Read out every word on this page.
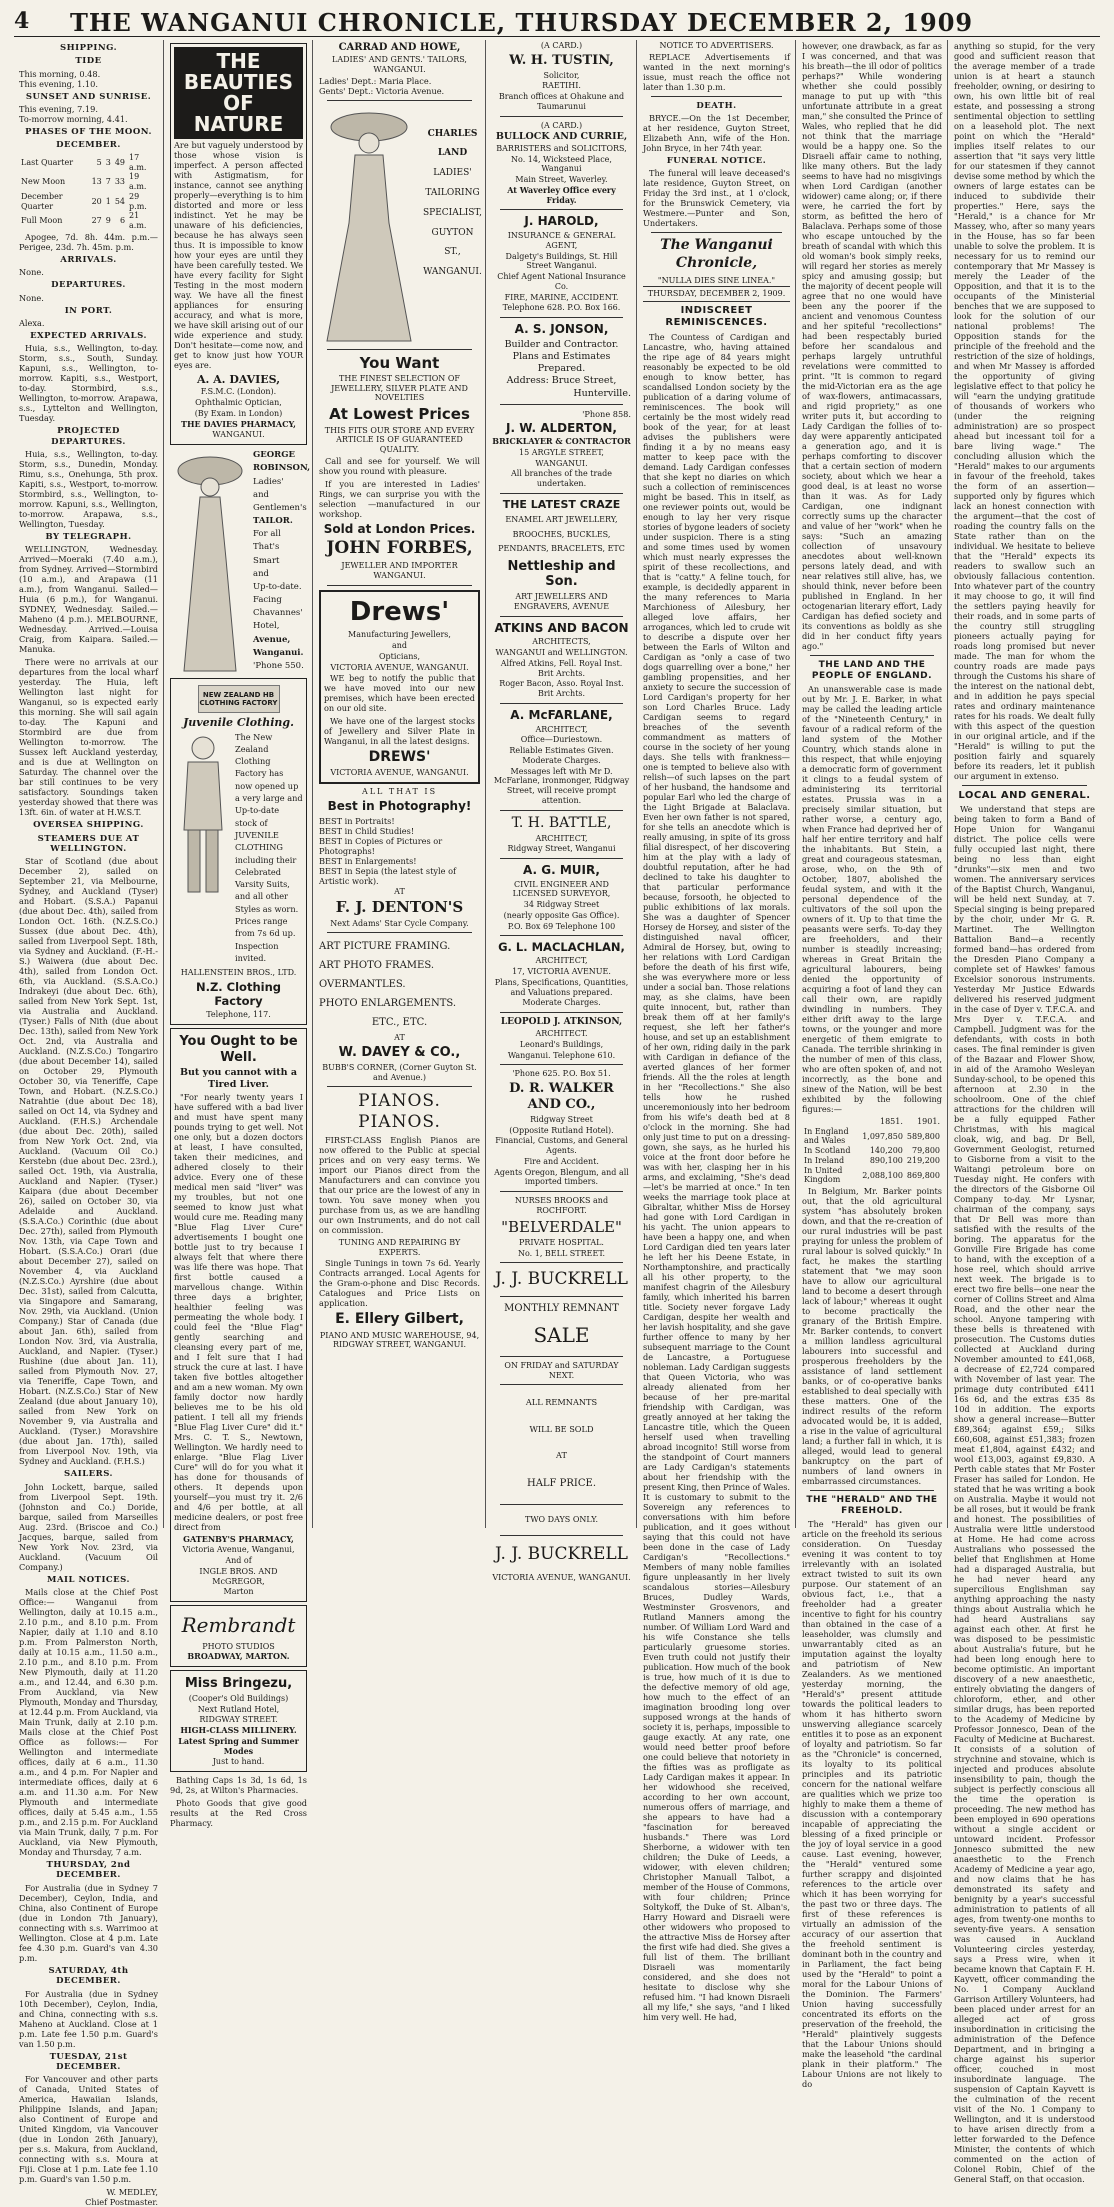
4 THE WANGANUI CHRONICLE, THURSDAY DECEMBER 2, 1909
SHIPPING.
TIDE
This morning, 0.48.
This evening, 1.10.
SUNSET AND SUNRISE.
This evening, 7.19.
To-morrow morning, 4.41.
PHASES OF THE MOON.
DECEMBER.
Last Quarter	5	3	49	17 a.m.
New Moon	13	7	33	19 a.m.
December Quarter	20	1	54	29 p.m.
Full Moon	27	9	6	21 a.m.
Apogee, 7d. 8h. 44m. p.m.—Perigee, 23d. 7h. 45m. p.m.
ARRIVALS.
None.
DEPARTURES.
None.
IN PORT.
Alexa.
EXPECTED ARRIVALS.
Huia, s.s., Wellington, to-day. Storm, s.s., South, Sunday. Kapuni, s.s., Wellington, to-morrow. Kapiti, s.s., Westport, to-day. Stormbird, s.s., Wellington, to-morrow. Arapawa, s.s., Lyttelton and Wellington, Tuesday.
PROJECTED DEPARTURES.
Huia, s.s., Wellington, to-day. Storm, s.s., Dunedin, Monday. Rimu, s.s., Onehunga, 5th prox. Kapiti, s.s., Westport, to-morrow. Stormbird, s.s., Wellington, to-morrow. Kapuni, s.s., Wellington, to-morrow. Arapawa, s.s., Wellington, Tuesday.
BY TELEGRAPH.
WELLINGTON, Wednesday. Arrived—Moeraki (7.40 a.m.), from Sydney. Arrived—Stormbird (10 a.m.), and Arapawa (11 a.m.), from Wanganui. Sailed—Huia (6 p.m.), for Wanganui. SYDNEY, Wednesday. Sailed.—Maheno (4 p.m.). MELBOURNE, Wednesday. Arrived.—Louisa Craig, from Kaipara. Sailed.—Manuka.
There were no arrivals at our departures from the local wharf yesterday. The Huia, left Wellington last night for Wanganui, so is expected early this morning. She will sail again to-day. The Kapuni and Stormbird are due from Wellington to-morrow. The Sussex left Auckland yesterday, and is due at Wellington on Saturday. The channel over the bar still continues to be very satisfactory. Soundings taken yesterday showed that there was 13ft. 6in. of water at H.W.S.T.
OVERSEA SHIPPING.
STEAMERS DUE AT WELLINGTON.
Star of Scotland (due about December 2), sailed on September 21, via Melbourne, Sydney, and Auckland (Tyser) and Hobart. (S.S.A.) Papanui (due about Dec. 4th), sailed from London Oct. 16th. (N.Z.S.Co.) Sussex (due about Dec. 4th), sailed from Liverpool Sept. 18th, via Sydney and Auckland. (F.-H.-S.) Waiwera (due about Dec. 4th), sailed from London Oct. 6th, via Auckland. (S.S.A.Co.) Indrakeyi (due about Dec. 6th), sailed from New York Sept. 1st, via Australia and Auckland. (Tyser.) Falls of Nith (due about Dec. 13th), sailed from New York Oct. 2nd, via Australia and Auckland. (N.Z.S.Co.) Tongariro (due about December 14), sailed on October 29, Plymouth October 30, via Teneriffe, Cape Town, and Hobart. (N.Z.S.Co.) Natrahtie (due about Dec 18), sailed on Oct 14, via Sydney and Auckland. (F.H.S.) Archendale (due about Dec. 20th), sailed from New York Oct. 2nd, via Auckland. (Vacuum Oil Co.) Kerstebn (due about Dec. 23rd.), sailed Oct. 19th, via Australia, Auckland and Napier. (Tyser.) Kaipara (due about December 26), sailed on October 30, via Adelaide and Auckland. (S.S.A.Co.) Corinthic (due about Dec. 27th), sailed from Plymouth Nov. 13th, via Cape Town and Hobart. (S.S.A.Co.) Orari (due about December 27), sailed on November 4, via Auckland (N.Z.S.Co.) Ayrshire (due about Dec. 31st), sailed from Calcutta, via Singapore and Samarang, Nov. 29th, via Auckland. (Union Company.) Star of Canada (due about Jan. 6th), sailed from London Nov. 3rd, via Australia, Auckland, and Napier. (Tyser.) Rushine (due about Jan. 11), sailed from Plymouth Nov. 27, via Teneriffe, Cape Town, and Hobart. (N.Z.S.Co.) Star of New Zealand (due about January 10), sailed from New York on November 9, via Australia and Auckland. (Tyser.) Moravshire (due about Jan. 17th), sailed from Liverpool Nov. 19th, via Sydney and Auckland. (F.H.S.)
SAILERS.
John Lockett, barque, sailed from Liverpool Sept. 19th. (Johnston and Co.) Doride, barque, sailed from Marseilles Aug. 23rd. (Briscoe and Co.) Jacques, barque, sailed from New York Nov. 23rd, via Auckland. (Vacuum Oil Company.)
MAIL NOTICES.
Mails close at the Chief Post Office:— Wanganui from Wellington, daily at 10.15 a.m., 2.10 p.m., and 8.10 p.m. From Napier, daily at 1.10 and 8.10 p.m. From Palmerston North, daily at 10.15 a.m., 11.50 a.m., 2.10 p.m., and 8.10 p.m. From New Plymouth, daily at 11.20 a.m., and 12.44, and 6.30 p.m. From Auckland, via New Plymouth, Monday and Thursday, at 12.44 p.m. From Auckland, via Main Trunk, daily at 2.10 p.m. Mails close at the Chief Post Office as follows:— For Wellington and intermediate offices, daily at 6 a.m., 11.30 a.m., and 4 p.m. For Napier and intermediate offices, daily at 6 a.m. and 11.30 a.m. For New Plymouth and intermediate offices, daily at 5.45 a.m., 1.55 p.m., and 2.15 p.m. For Auckland via Main Trunk, daily, 7 p.m. For Auckland, via New Plymouth, Monday and Thursday, 7 a.m.
THURSDAY, 2nd DECEMBER.
For Australia (due in Sydney 7 December), Ceylon, India, and China, also Continent of Europe (due in London 7th January), connecting with s.s. Warrimoo at Wellington. Close at 4 p.m. Late fee 4.30 p.m. Guard's van 4.30 p.m.
SATURDAY, 4th DECEMBER.
For Australia (due in Sydney 10th December), Ceylon, India, and China, connecting with s.s. Maheno at Auckland. Close at 1 p.m. Late fee 1.50 p.m. Guard's van 1.50 p.m.
TUESDAY, 21st DECEMBER.
For Vancouver and other parts of Canada, United States of America, Hawaiian Islands, Philippine Islands, and Japan; also Continent of Europe and United Kingdom, via Vancouver (due in London 26th January), per s.s. Makura, from Auckland, connecting with s.s. Moura at Fiji. Close at 1 p.m. Late fee 1.10 p.m. Guard's van 1.50 p.m.
W. MEDLEY,
Chief Postmaster.
THE BEAUTIES
OF NATURE
Are but vaguely understood by those whose vision is imperfect. A person affected with Astigmatism, for instance, cannot see anything properly—everything is to him distorted and more or less indistinct. Yet he may be unaware of his deficiencies, because he has always seen thus. It is impossible to know how your eyes are until they have been carefully tested. We have every facility for Sight Testing in the most modern way. We have all the finest appliances for ensuring accuracy, and what is more, we have skill arising out of our wide experience and study. Don't hesitate—come now, and get to know just how YOUR eyes are.
A. A. DAVIES,
F.S.M.C. (London).
Ophthalmic Optician,
(By Exam. in London)
THE DAVIES PHARMACY,
WANGANUI.
GEORGE
ROBINSON,
Ladies'
and
Gentlemen's
TAILOR.
For all
That's
Smart
and
Up-to-date.
Facing
Chavannes'
Hotel,
Avenue,
Wanganui.
'Phone 550.
NEW ZEALAND HB CLOTHING FACTORY
Juvenile Clothing.
The New Zealand Clothing Factory has now opened up a very large and Up-to-date stock of JUVENILE CLOTHING including their Celebrated Varsity Suits, and all other Styles as worn. Prices range from 7s 6d up. Inspection invited.
HALLENSTEIN BROS., LTD.
N.Z. Clothing Factory
Telephone, 117.
You Ought to be Well.
But you cannot with a Tired Liver.
"For nearly twenty years I have suffered with a bad liver and must have spent many pounds trying to get well. Not one only, but a dozen doctors at least, I have consulted, taken their medicines, and adhered closely to their advice. Every one of these medical men said "liver" was my troubles, but not one seemed to know just what would cure me. Reading many "Blue Flag Liver Cure" advertisements I bought one bottle just to try because I always felt that where there was life there was hope. That first bottle caused a marvellous change. Within three days a brighter, healthier feeling was permeating the whole body. I could feel the "Blue Flag" gently searching and cleansing every part of me, and I felt sure that I had struck the cure at last. I have taken five bottles altogether and am a new woman. My own family doctor now hardly believes me to be his old patient. I tell all my friends "Blue Flag Liver Cure" did it." Mrs. C. T. S., Newtown, Wellington. We hardly need to enlarge. "Blue Flag Liver Cure" will do for you what it has done for thousands of others. It depends upon yourself—you must try it. 2/6 and 4/6 per bottle, at all medicine dealers, or post free direct from
GATENBY'S PHARMACY,
Victoria Avenue, Wanganui,
And of
INGLE BROS. AND McGREGOR,
Marton
Rembrandt
PHOTO STUDIOS
BROADWAY, MARTON.
Miss Bringezu,
(Cooper's Old Buildings)
Next Rutland Hotel,
RIDGWAY STREET.
HIGH-CLASS MILLINERY.
Latest Spring and Summer Modes
Just to hand.
Bathing Caps 1s 3d, 1s 6d, 1s 9d, 2s, at Wilton's Pharmacies.
Photo Goods that give good results at the Red Cross Pharmacy.
CARRAD AND HOWE,
LADIES' AND GENTS.' TAILORS, WANGANUI.
Ladies' Dept.: Maria Place.
Gents' Dept.: Victoria Avenue.
CHARLES
LAND
LADIES'
TAILORING
SPECIALIST,
GUYTON ST.,
WANGANUI.
You Want
THE FINEST SELECTION OF JEWELLERY, SILVER PLATE AND NOVELTIES
At Lowest Prices
THIS FITS OUR STORE AND EVERY ARTICLE IS OF GUARANTEED QUALITY.
Call and see for yourself. We will show you round with pleasure.
If you are interested in Ladies' Rings, we can surprise you with the selection —manufactured in our workshop.
Sold at London Prices.
JOHN FORBES,
JEWELLER AND IMPORTER WANGANUI.
Drews'
Manufacturing Jewellers,
and
Opticians,
VICTORIA AVENUE, WANGANUI.
WE beg to notify the public that we have moved into our new premises, which have been erected on our old site.
We have one of the largest stocks of Jewellery and Silver Plate in Wanganui, in all the latest designs.
DREWS'
VICTORIA AVENUE, WANGANUI.
ALL THAT IS
Best in Photography!
BEST in Portraits!
BEST in Child Studies!
BEST in Copies of Pictures or Photographs!
BEST in Enlargements!
BEST in Sepia (the latest style of Artistic work).
AT
F. J. DENTON'S
Next Adams' Star Cycle Company.
ART PICTURE FRAMING.
ART PHOTO FRAMES.
OVERMANTLES.
PHOTO ENLARGEMENTS.
ETC., ETC.
AT
W. DAVEY & CO.,
BUBB'S CORNER, (Corner Guyton St. and Avenue.)
PIANOS. PIANOS.
FIRST-CLASS English Pianos are now offered to the Public at special prices and on very easy terms. We import our Pianos direct from the Manufacturers and can convince you that our price are the lowest of any in town. You save money when you purchase from us, as we are handling our own Instruments, and do not call on commission.
TUNING AND REPAIRING BY EXPERTS.
Single Tunings in town 7s 6d. Yearly Contracts arranged. Local Agents for the Gram-o-phone and Disc Records. Catalogues and Price Lists on application.
E. Ellery Gilbert,
PIANO AND MUSIC WAREHOUSE, 94, RIDGWAY STREET, WANGANUI.
(A CARD.)
W. H. TUSTIN,
Solicitor,
RAETIHI.
Branch offices at Ohakune and Taumarunui
(A CARD.)
BULLOCK AND CURRIE,
BARRISTERS and SOLICITORS,
No. 14, Wicksteed Place, Wanganui
Main Street, Waverley.
At Waverley Office every Friday.
J. HAROLD,
INSURANCE & GENERAL AGENT,
Dalgety's Buildings, St. Hill Street Wanganui.
Chief Agent National Insurance Co.
FIRE, MARINE, ACCIDENT.
Telephone 628. P.O. Box 166.
A. S. JONSON,
Builder and Contractor.
Plans and Estimates Prepared.
Address: Bruce Street,
Hunterville.
'Phone 858.
J. W. ALDERTON,
BRICKLAYER & CONTRACTOR
15 ARGYLE STREET,
WANGANUI.
All branches of the trade undertaken.
THE LATEST CRAZE
ENAMEL ART JEWELLERY, BROOCHES, BUCKLES, PENDANTS, BRACELETS, ETC
Nettleship and Son.
ART JEWELLERS AND ENGRAVERS, AVENUE
ATKINS AND BACON
ARCHITECTS,
WANGANUI and WELLINGTON.
Alfred Atkins, Fell. Royal Inst. Brit Archts.
Roger Bacon, Asso. Royal Inst. Brit Archts.
A. McFARLANE,
ARCHITECT,
Office—Duriestown.
Reliable Estimates Given. Moderate Charges.
Messages left with Mr D. McFarlane, ironmonger, Ridgway Street, will receive prompt attention.
T. H. BATTLE,
ARCHITECT,
Ridgway Street, Wanganui
A. G. MUIR,
CIVIL ENGINEER AND LICENSED SURVEYOR,
34 Ridgway Street
(nearly opposite Gas Office).
P.O. Box 69 Telephone 100
G. L. MACLACHLAN,
ARCHITECT,
17, VICTORIA AVENUE.
Plans, Specifications, Quantities, and Valuations prepared.
Moderate Charges.
LEOPOLD J. ATKINSON,
ARCHITECT.
Leonard's Buildings,
Wanganui. Telephone 610.
'Phone 625. P.O. Box 51.
D. R. WALKER AND CO.,
Ridgway Street
(Opposite Rutland Hotel).
Financial, Customs, and General Agents.
Fire and Accident.
Agents Oregon, Blengum, and all imported timbers.
NURSES BROOKS and ROCHFORT.
"BELVERDALE"
PRIVATE HOSPITAL.
No. 1, BELL STREET.
J. J. BUCKRELL
MONTHLY REMNANT
SALE
ON FRIDAY and SATURDAY NEXT.
ALL REMNANTS
WILL BE SOLD
AT
HALF PRICE.
TWO DAYS ONLY.
J. J. BUCKRELL
VICTORIA AVENUE, WANGANUI.
NOTICE TO ADVERTISERS.
REPLACE Advertisements if wanted in the next morning's issue, must reach the office not later than 1.30 p.m.
DEATH.
BRYCE.—On the 1st December, at her residence, Guyton Street, Elizabeth Ann, wife of the Hon. John Bryce, in her 74th year.
FUNERAL NOTICE.
The funeral will leave deceased's late residence, Guyton Street, on Friday the 3rd inst., at 1 o'clock, for the Brunswick Cemetery, via Westmere.—Punter and Son, Undertakers.
The Wanganui Chronicle,
"NULLA DIES SINE LINEA."
THURSDAY, DECEMBER 2, 1909.
INDISCREET REMINISCENCES.
The Countess of Cardigan and Lancastre, who, having attained the ripe age of 84 years might reasonably be expected to be old enough to know better, has scandalised London society by the publication of a daring volume of reminiscences. The book will certainly be the most widely read book of the year, for at least advises the publishers were finding it a by no means easy matter to keep pace with the demand. Lady Cardigan confesses that she kept no diaries on which such a collection of reminiscences might be based. This in itself, as one reviewer points out, would be enough to lay her very risque stories of bygone leaders of society under suspicion. There is a sting and some times used by women which must nearly expresses the spirit of these recollections, and that is "catty." A feline touch, for example, is decidedly apparent in the many references to Maria Marchioness of Ailesbury, her alleged love affairs, her arrogances, which led to crude wit to describe a dispute over her between the Earls of Wilton and Cardigan as "only a case of two dogs quarrelling over a bone," her gambling propensities, and her anxiety to secure the succession of Lord Cardigan's property for her son Lord Charles Bruce. Lady Cardigan seems to regard breaches of the seventh commandment as matters of course in the society of her young days. She tells with frankness—one is tempted to believe also with relish—of such lapses on the part of her husband, the handsome and popular Earl who led the charge of the Light Brigade at Balaclava. Even her own father is not spared, for she tells an anecdote which is really amusing, in spite of its gross filial disrespect, of her discovering him at the play with a lady of doubtful reputation, after he had declined to take his daughter to that particular performance because, forsooth, he objected to public exhibitions of lax morals. She was a daughter of Spencer Horsey de Horsey, and sister of the distinguished naval officer, Admiral de Horsey, but, owing to her relations with Lord Cardigan before the death of his first wife, she was everywhere more or less under a social ban. Those relations may, as she claims, have been quite innocent, but, rather than break them off at her family's request, she left her father's house, and set up an establishment of her own, riding daily in the park with Cardigan in defiance of the averted glances of her former friends. All the the roles at length in her "Recollections." She also tells how he rushed unceremoniously into her bedroom from his wife's death bed at 8 o'clock in the morning. She had only just time to put on a dressing-gown, she says, as he hurled his voice at the front door before he was with her, clasping her in his arms, and exclaiming, "She's dead—let's be married at once." In ten weeks the marriage took place at Gibraltar, whither Miss de Horsey had gone with Lord Cardigan in his yacht. The union appears to have been a happy one, and when Lord Cardigan died ten years later he left her his Deene Estate, in Northamptonshire, and practically all his other property, to the manifest chagrin of the Ailesbury family, which inherited his barren title. Society never forgave Lady Cardigan, despite her wealth and her lavish hospitality, and she gave further offence to many by her subsequent marriage to the Count de Lancastre, a Portuguese nobleman. Lady Cardigan suggests that Queen Victoria, who was already alienated from her because of her pre-marital friendship with Cardigan, was greatly annoyed at her taking the Lancastre title, which the Queen herself used when travelling abroad incognito! Still worse from the standpoint of Court manners are Lady Cardigan's statements about her friendship with the present King, then Prince of Wales. It is customary to submit to the Sovereign any references to conversations with him before publication, and it goes without saying that this could not have been done in the case of Lady Cardigan's "Recollections." Members of many noble families figure unpleasantly in her lively scandalous stories—Ailesbury Bruces, Dudley Wards, Westminster Grosvenors, and Rutland Manners among the number. Of William Lord Ward and his wife Constance she tells particularly gruesome stories. Even truth could not justify their publication. How much of the book is true, how much of it is due to the defective memory of old age, how much to the effect of an imagination brooding long over supposed wrongs at the hands of society it is, perhaps, impossible to gauge exactly. At any rate, one would need better proof before one could believe that notoriety in the fifties was as profligate as Lady Cardigan makes it appear. In her widowhood she received, according to her own account, numerous offers of marriage, and she appears to have had a "fascination for bereaved husbands." There was Lord Sherborne, a widower with ten children; the Duke of Leeds, a widower, with eleven children; Christopher Manuall Talbot, a member of the House of Commons, with four children; Prince Soltykoff, the Duke of St. Alban's, Harry Howard and Disraeli were other widowers who proposed to the attractive Miss de Horsey after the first wife had died. She gives a full list of them. The brilliant Disraeli was momentarily considered, and she does not hesitate to disclose why she refused him. "I had known Disraeli all my life," she says, "and I liked him very well. He had,
however, one drawback, as far as I was concerned, and that was his breath—the ill odor of politics perhaps?" While wondering whether she could possibly manage to put up with "this unfortunate attribute in a great man," she consulted the Prince of Wales, who replied that he did not think that the marriage would be a happy one. So the Disraeli affair came to nothing, like many others. But the lady seems to have had no misgivings when Lord Cardigan (another widower) came along; or, if there were, he carried the fort by storm, as befitted the hero of Balaclava. Perhaps some of those who escape untouched by the breath of scandal with which this old woman's book simply reeks, will regard her stories as merely spicy and amusing gossip; but the majority of decent people will agree that no one would have been any the poorer if the ancient and venomous Countess and her spiteful "recollections" had been respectably buried before her scandalous and perhaps largely untruthful revelations were committed to print. "It is common to regard the mid-Victorian era as the age of wax-flowers, antimacassars, and rigid propriety," as one writer puts it, but according to Lady Cardigan the follies of to-day were apparently anticipated a generation ago, and it is perhaps comforting to discover that a certain section of modern society, about which we hear a good deal, is at least no worse than it was. As for Lady Cardigan, one indignant correctly sums up the character and value of her "work" when he says: "Such an amazing collection of unsavoury anecdotes about well-known persons lately dead, and with near relatives still alive, has, we should think, never before been published in England. In her octogenarian literary effort, Lady Cardigan has defied society and its conventions as boldly as she did in her conduct fifty years ago."
THE LAND AND THE PEOPLE OF ENGLAND.
An unanswerable case is made out by Mr. J. E. Barker, in what may be called the leading article of the "Nineteenth Century," in favour of a radical reform of the land system of the Mother Country, which stands alone in this respect, that while enjoying a democratic form of government it clings to a feudal system of administering its territorial estates. Prussia was in a precisely similar situation, but rather worse, a century ago, when France had deprived her of half her entire territory and half the inhabitants. But Stein, a great and courageous statesman, arose, who, on the 9th of October, 1807, abolished the feudal system, and with it the personal dependence of the cultivators of the soil upon the owners of it. Up to that time the peasants were serfs. To-day they are freeholders, and their number is steadily increasing; whereas in Great Britain the agricultural labourers, being denied the opportunity of acquiring a foot of land they can call their own, are rapidly dwindling in numbers. They either drift away to the large towns, or the younger and more energetic of them emigrate to Canada. The terrible shrinking in the number of men of this class, who are often spoken of, and not incorrectly, as the bone and sinew of the Nation, will be best exhibited by the following figures:—
	1851.	1901.
In England and Wales	1,097,850	589,800
In Scotland	140,200	79,800
In Ireland	890,100	219,200
In United Kingdom	2,088,100	869,800
In Belgium, Mr. Barker points out, that the old agricultural system "has absolutely broken down, and that the re-creation of our rural industries will be past praying for unless the problem of rural labour is solved quickly." In fact, he makes the startling statement that "we may soon have to allow our agricultural land to become a desert through lack of labour;" whereas it ought to become practically the granary of the British Empire. Mr. Barker contends, to convert a million landless agricultural labourers into successful and prosperous freeholders by the assistance of land settlement banks, or of co-operative banks established to deal specially with these matters. One of the indirect results of the reform advocated would be, it is added, a rise in the value of agricultural land; a further fall in which, it is alleged, would lead to general bankruptcy on the part of numbers of land owners in embarrassed circumstances.
THE "HERALD" AND THE FREEHOLD.
The "Herald" has given our article on the freehold its serious consideration. On Tuesday evening it was content to toy irrelevantly with an isolated extract twisted to suit its own purpose. Our statement of an obvious fact, i.e., that a freeholder had a greater incentive to fight for his country than obtained in the case of a leaseholder, was clumsily and unwarrantably cited as an imputation against the loyalty and patriotism of New Zealanders. As we mentioned yesterday morning, the "Herald's" present attitude towards the political leaders to whom it has hitherto sworn unswerving allegiance scarcely entitles it to pose as an exponent of loyalty and patriotism. So far as the "Chronicle" is concerned, its loyalty to its political principles and its patriotic concern for the national welfare are qualities which we prize too highly to make them a theme of discussion with a contemporary incapable of appreciating the blessing of a fixed principle or the joy of loyal service in a good cause. Last evening, however, the "Herald" ventured some further scrappy and disjointed references to the article over which it has been worrying for the past two or three days. The first of these references is virtually an admission of the accuracy of our assertion that the freehold sentiment is dominant both in the country and in Parliament, the fact being used by the "Herald" to point a moral for the Labour Unions of the Dominion. The Farmers' Union having successfully concentrated its efforts on the preservation of the freehold, the "Herald" plaintively suggests that the Labour Unions should make the leasehold "the cardinal plank in their platform." The Labour Unions are not likely to do
anything so stupid, for the very good and sufficient reason that the average member of a trade union is at heart a staunch freeholder, owning, or desiring to own, his own little bit of real estate, and possessing a strong sentimental objection to settling on a leasehold plot. The next point on which the "Herald" implies itself relates to our assertion that "it says very little for our statesmen if they cannot devise some method by which the owners of large estates can be induced to subdivide their properties." Here, says the "Herald," is a chance for Mr Massey, who, after so many years in the House, has so far been unable to solve the problem. It is necessary for us to remind our contemporary that Mr Massey is merely the Leader of the Opposition, and that it is to the occupants of the Ministerial benches that we are supposed to look for the solution of our national problems! The Opposition stands for the principle of the freehold and the restriction of the size of holdings, and when Mr Massey is afforded the opportunity of giving legislative effect to that policy he will "earn the undying gratitude of thousands of workers who (under the reigning administration) are so prospect ahead but incessant toil for a bare living wage." The concluding allusion which the "Herald" makes to our arguments in favour of the freehold, takes the form of an assertion—supported only by figures which lack an honest connection with the argument—that the cost of roading the country falls on the State rather than on the individual. We hesitate to believe that the "Herald" expects its readers to swallow such an obviously fallacious contention. Into whatever part of the country it may choose to go, it will find the settlers paying heavily for their roads, and in some parts of the country still struggling pioneers actually paying for roads long promised but never made. The man for whom the country roads are made pays through the Customs his share of the interest on the national debt, and in addition he pays special rates and ordinary maintenance rates for his roads. We dealt fully with this aspect of the question in our original article, and if the "Herald" is willing to put the position fairly and squarely before its readers, let it publish our argument in extenso.
LOCAL AND GENERAL.
We understand that steps are being taken to form a Band of Hope Union for Wanganui district. The police cells were fully occupied last night, there being no less than eight "drunks"—six men and two women. The anniversary services of the Baptist Church, Wanganui, will be held next Sunday, at 7. Special singing is being prepared by the choir, under Mr G. R. Martinet. The Wellington Battalion Band—a recently formed band—has ordered from the Dresden Piano Company a complete set of Hawkes' famous Excelsior sonorous instruments. Yesterday Mr Justice Edwards delivered his reserved judgment in the case of Dyer v. T.F.C.A. and Mrs Dyer v. T.F.C.A. and Campbell. Judgment was for the defendants, with costs in both cases. The final reminder is given of the Bazaar and Flower Show, in aid of the Aramoho Wesleyan Sunday-school, to be opened this afternoon at 2.30 in the schoolroom. One of the chief attractions for the children will be a fully equipped Father Christmas, with his magical cloak, wig, and bag. Dr Bell, Government Geologist, returned to Gisborne from a visit to the Waitangi petroleum bore on Tuesday night. He confers with the directors of the Gisborne Oil Company to-day. Mr Lysnar, chairman of the company, says that Dr Bell was more than satisfied with the results of the boring. The apparatus for the Gonville Fire Brigade has come to hand, with the exception of a hose reel, which should arrive next week. The brigade is to erect two fire bells—one near the corner of Collins Street and Alma Road, and the other near the school. Anyone tampering with these bells is threatened with prosecution. The Customs duties collected at Auckland during November amounted to £41,068, a decrease of £2,724 compared with November of last year. The primage duty contributed £411 16s 6d, and the extras £35 8s 10d in addition. The exports show a general increase—Butter £89,364; against £59,; Silks £60,608, against £51,383; frozen meat £1,804, against £432; and wool £13,003, against £9,830. A Perth cable states that Mr Foster Fraser has sailed for London. He stated that he was writing a book on Australia. Maybe it would not be all roses, but it would be frank and honest. The possibilities of Australia were little understood at Home. He had come across Australians who possessed the belief that Englishmen at Home had a disparaged Australia, but he had never heard any supercilious Englishman say anything approaching the nasty things about Australia which he had heard Australians say against each other. At first he was disposed to be pessimistic about Australia's future, but he had been long enough here to become optimistic. An important discovery of a new anaesthetic, entirely obviating the dangers of chloroform, ether, and other similar drugs, has been reported to the Academy of Medicine by Professor Jonnesco, Dean of the Faculty of Medicine at Bucharest. It consists of a solution of strychnine and stovaine, which is injected and produces absolute insensibility to pain, though the subject is perfectly conscious all the time the operation is proceeding. The new method has been employed in 690 operations without a single accident or untoward incident. Professor Jonnesco submitted the new anaesthetic to the French Academy of Medicine a year ago, and now claims that he has demonstrated its safety and benignity by a year's successful administration to patients of all ages, from twenty-one months to seventy-five years. A sensation was caused in Auckland Volunteering circles yesterday, says a Press wire, when it became known that Captain F. H. Kayvett, officer commanding the No. 1 Company Auckland Garrison Artillery Volunteers, had been placed under arrest for an alleged act of gross insubordination in criticising the administration of the Defence Department, and in bringing a charge against his superior officer, couched in most insubordinate language. The suspension of Captain Kayvett is the culmination of the recent visit of the No. 1 Company to Wellington, and it is understood to have arisen directly from a letter forwarded to the Defence Minister, the contents of which commented on the action of Colonel Robin, Chief of the General Staff, on that occasion.
